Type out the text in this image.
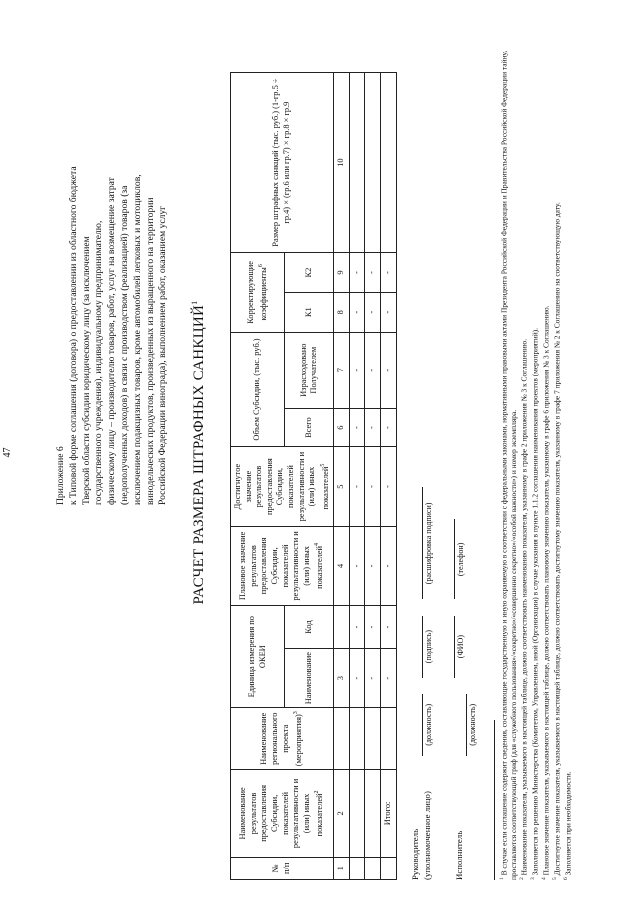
47	Приложение 6 к Типовой форме соглашения (договора) о предоставлении из областного бюджета Тверской области субсидии юридическому лицу (за исключением государственного учреждения), индивидуальному предпринимателю, физическому лицу – производителю товаров, работ, услуг на возмещение затрат (недополученных доходов) в связи с производством (реализацией) товаров (за исключением подакцизных товаров, кроме автомобилей легковых и мотоциклов, винодельческих продуктов, произведенных из выращенного на территории Российской Федерации винограда), выполнением работ, оказанием услуг РАСЧЕТ РАЗМЕРА ШТРАФНЫХ САНКЦИЙ$^1$
№ п/п	Наименование результатов предоставления Субсидии, показателей результативности и (или) иных показателей$^2$	Наименование регионального проекта (мероприятия)$^3$	Единица измерения по ОКЕИ		Плановое значение результатов предоставления Субсидии, показателей результативности и (или) иных показателей$^4$	Достигнутое значение результатов предоставления Субсидии, показателей результативности и (или) иных показателей$^5$	Объем Субсидии, (тыс. руб.)		Корректирующие коэффициенты$^6$		Размер штрафных санкций (тыс. руб.) (1-гр.5 ÷ гр.4) × (гр.6 или гр.7) × гр.8 × гр.9
			Наименование	Код			Всего	Израсходовано Получателем	К1	К2	
1	2		3		4	5	6	7	8	9	10
			-	-	-	-	-	-	-	-	
			-	-	-	-	-	-	-	-	
	Итого:		-	-	-	-	-	-	-	-	
Руководитель (уполномоченное лицо) (должность) (подпись) (расшифровка подписи)
Исполнитель (должность) (ФИО) (телефон)
$^1$ В случае если соглашение содержит сведения, составляющие государственную и иную охраняемую в соответствии с федеральными законами, нормативными правовыми актами Президента Российской Федерации и Правительства Российской Федерации тайну, проставляется соответствующий гриф (для «служебного пользования»/«секретно»/«совершенно секретно»/«особой важности») и номер экземпляра. $^2$ Наименование показателя, указываемого в настоящей таблице, должно соответствовать наименованию показателя, указанному в графе 2 приложения № 3 к Соглашению.
$^3$ Заполняется по решению Министерства (Комитетом, Управлением, иной (Организации) в случае указания в пункте 1.1.2 соглашения наименования проектов (мероприятий).
$^4$ Плановое значение показателя, указываемого в настоящей таблице, должно соответствовать плановому значению показателя, указанному в графе 6 приложения № 3 к Соглашению.
$^5$ Достигнутое значение показателя, указываемого в настоящей таблице, должно соответствовать достигнутому значению показателя, указанному в графе 7 приложения № 2 к Соглашению на соответствующую дату.
$^6$ Заполняется при необходимости.
